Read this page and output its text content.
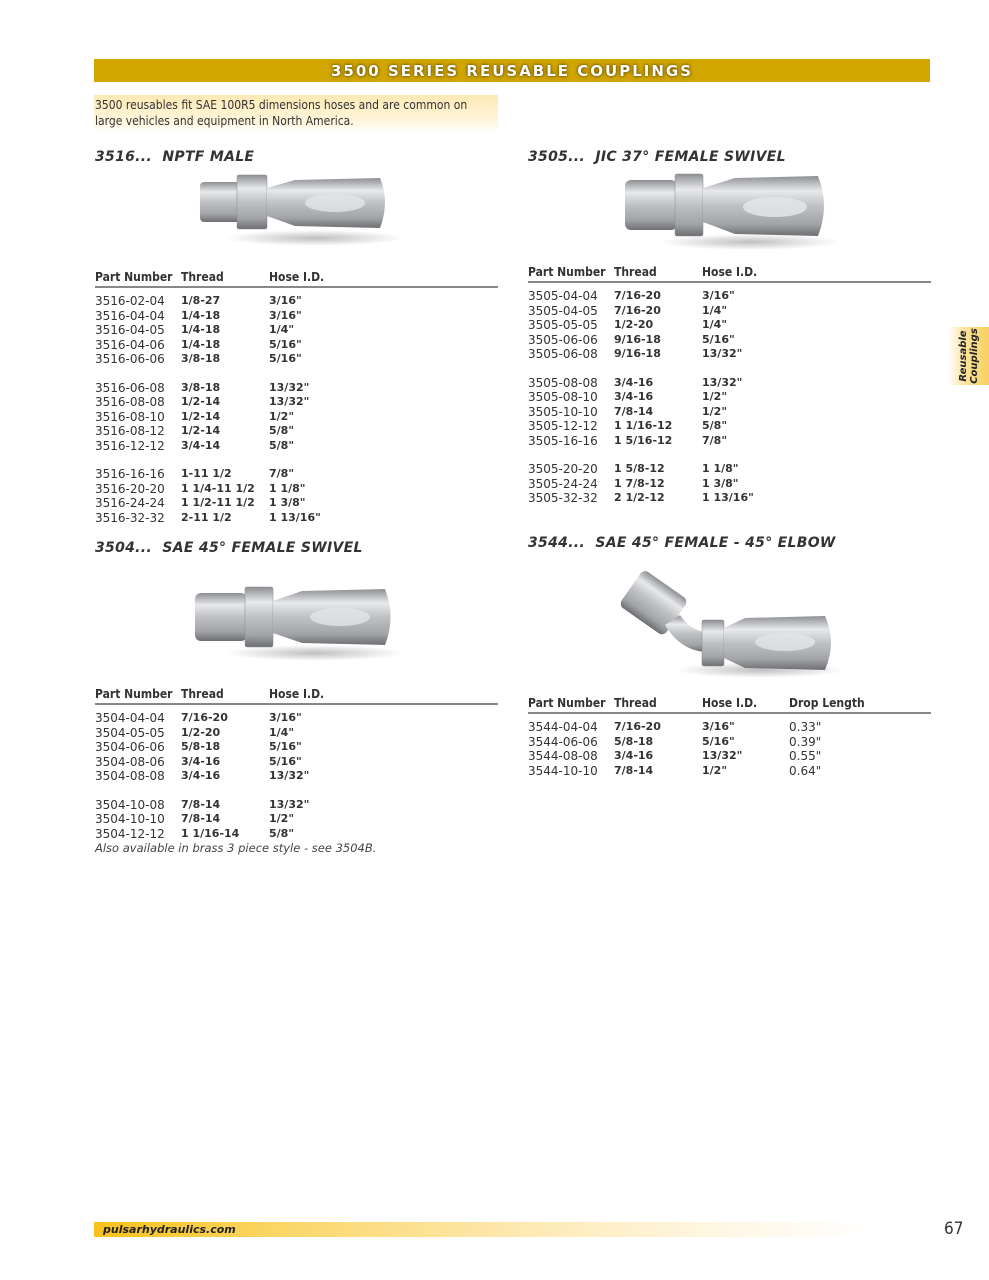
3500 SERIES REUSABLE COUPLINGS
3500 reusables fit SAE 100R5 dimensions hoses and are common on large vehicles and equipment in North America.
Reusable Couplings
3516...  NPTF MALE
Part Number	Thread	Hose I.D.
3516-02-04	1/8-27	3/16"
3516-04-04	1/4-18	3/16"
3516-04-05	1/4-18	1/4"
3516-04-06	1/4-18	5/16"
3516-06-06	3/8-18	5/16"
3516-06-08	3/8-18	13/32"
3516-08-08	1/2-14	13/32"
3516-08-10	1/2-14	1/2"
3516-08-12	1/2-14	5/8"
3516-12-12	3/4-14	5/8"
3516-16-16	1-11 1/2	7/8"
3516-20-20	1 1/4-11 1/2	1 1/8"
3516-24-24	1 1/2-11 1/2	1 3/8"
3516-32-32	2-11 1/2	1 13/16"
3505...  JIC 37° FEMALE SWIVEL
Part Number	Thread	Hose I.D.
3505-04-04	7/16-20	3/16"
3505-04-05	7/16-20	1/4"
3505-05-05	1/2-20	1/4"
3505-06-06	9/16-18	5/16"
3505-06-08	9/16-18	13/32"
3505-08-08	3/4-16	13/32"
3505-08-10	3/4-16	1/2"
3505-10-10	7/8-14	1/2"
3505-12-12	1 1/16-12	5/8"
3505-16-16	1 5/16-12	7/8"
3505-20-20	1 5/8-12	1 1/8"
3505-24-24	1 7/8-12	1 3/8"
3505-32-32	2 1/2-12	1 13/16"
3504...  SAE 45° FEMALE SWIVEL
Part Number	Thread	Hose I.D.
3504-04-04	7/16-20	3/16"
3504-05-05	1/2-20	1/4"
3504-06-06	5/8-18	5/16"
3504-08-06	3/4-16	5/16"
3504-08-08	3/4-16	13/32"
3504-10-08	7/8-14	13/32"
3504-10-10	7/8-14	1/2"
3504-12-12	1 1/16-14	5/8"
Also available in brass 3 piece style - see 3504B.
3544...  SAE 45° FEMALE - 45° ELBOW
Part Number	Thread	Hose I.D.	Drop Length
3544-04-04	7/16-20	3/16"	0.33"
3544-06-06	5/8-18	5/16"	0.39"
3544-08-08	3/4-16	13/32"	0.55"
3544-10-10	7/8-14	1/2"	0.64"
pulsarhydraulics.com	67
